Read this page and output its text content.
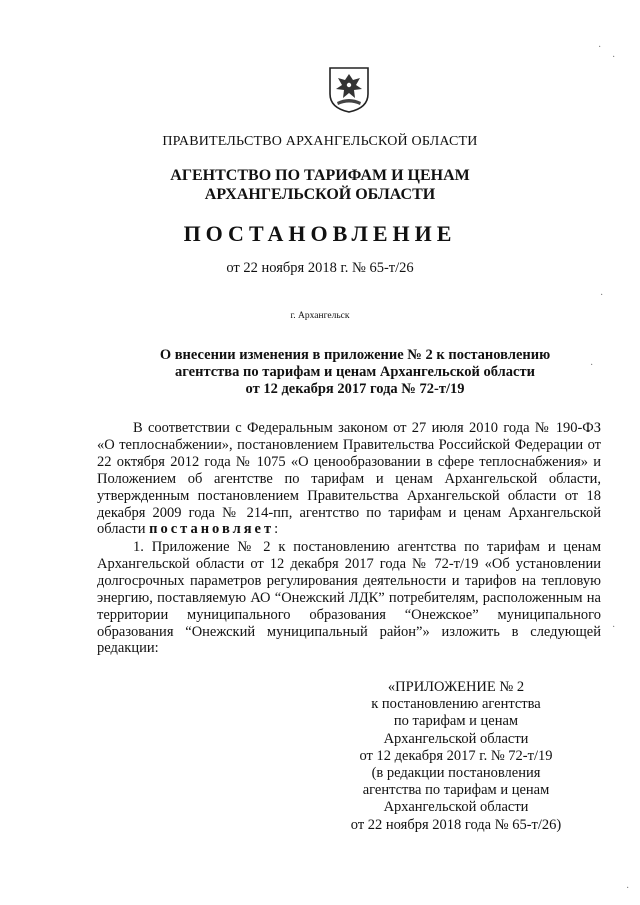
ПРАВИТЕЛЬСТВО АРХАНГЕЛЬСКОЙ ОБЛАСТИ
АГЕНТСТВО ПО ТАРИФАМ И ЦЕНАМ
АРХАНГЕЛЬСКОЙ ОБЛАСТИ
ПОСТАНОВЛЕНИЕ
от 22 ноября 2018 г. № 65-т/26
г. Архангельск
О внесении изменения в приложение № 2 к постановлению
агентства по тарифам и ценам Архангельской области
от 12 декабря 2017 года № 72-т/19
В соответствии с Федеральным законом от 27 июля 2010 года № 190-ФЗ «О теплоснабжении», постановлением Правительства Российской Федерации от 22 октября 2012 года № 1075 «О ценообразовании в сфере теплоснабжения» и Положением об агентстве по тарифам и ценам Архангельской области, утвержденным постановлением Правительства Архангельской области от 18 декабря 2009 года № 214-пп, агентство по тарифам и ценам Архангельской области постановляет:
1. Приложение № 2 к постановлению агентства по тарифам и ценам Архангельской области от 12 декабря 2017 года № 72-т/19 «Об установлении долгосрочных параметров регулирования деятельности и тарифов на тепловую энергию, поставляемую АО “Онежский ЛДК” потребителям, расположенным на территории муниципального образования “Онежское” муниципального образования “Онежский муниципальный район”» изложить в следующей редакции:
«ПРИЛОЖЕНИЕ № 2
к постановлению агентства
по тарифам и ценам
Архангельской области
от 12 декабря 2017 г. № 72-т/19
(в редакции постановления
агентства по тарифам и ценам
Архангельской области
от 22 ноября 2018 года № 65-т/26)
·
·
·
·
·
·
